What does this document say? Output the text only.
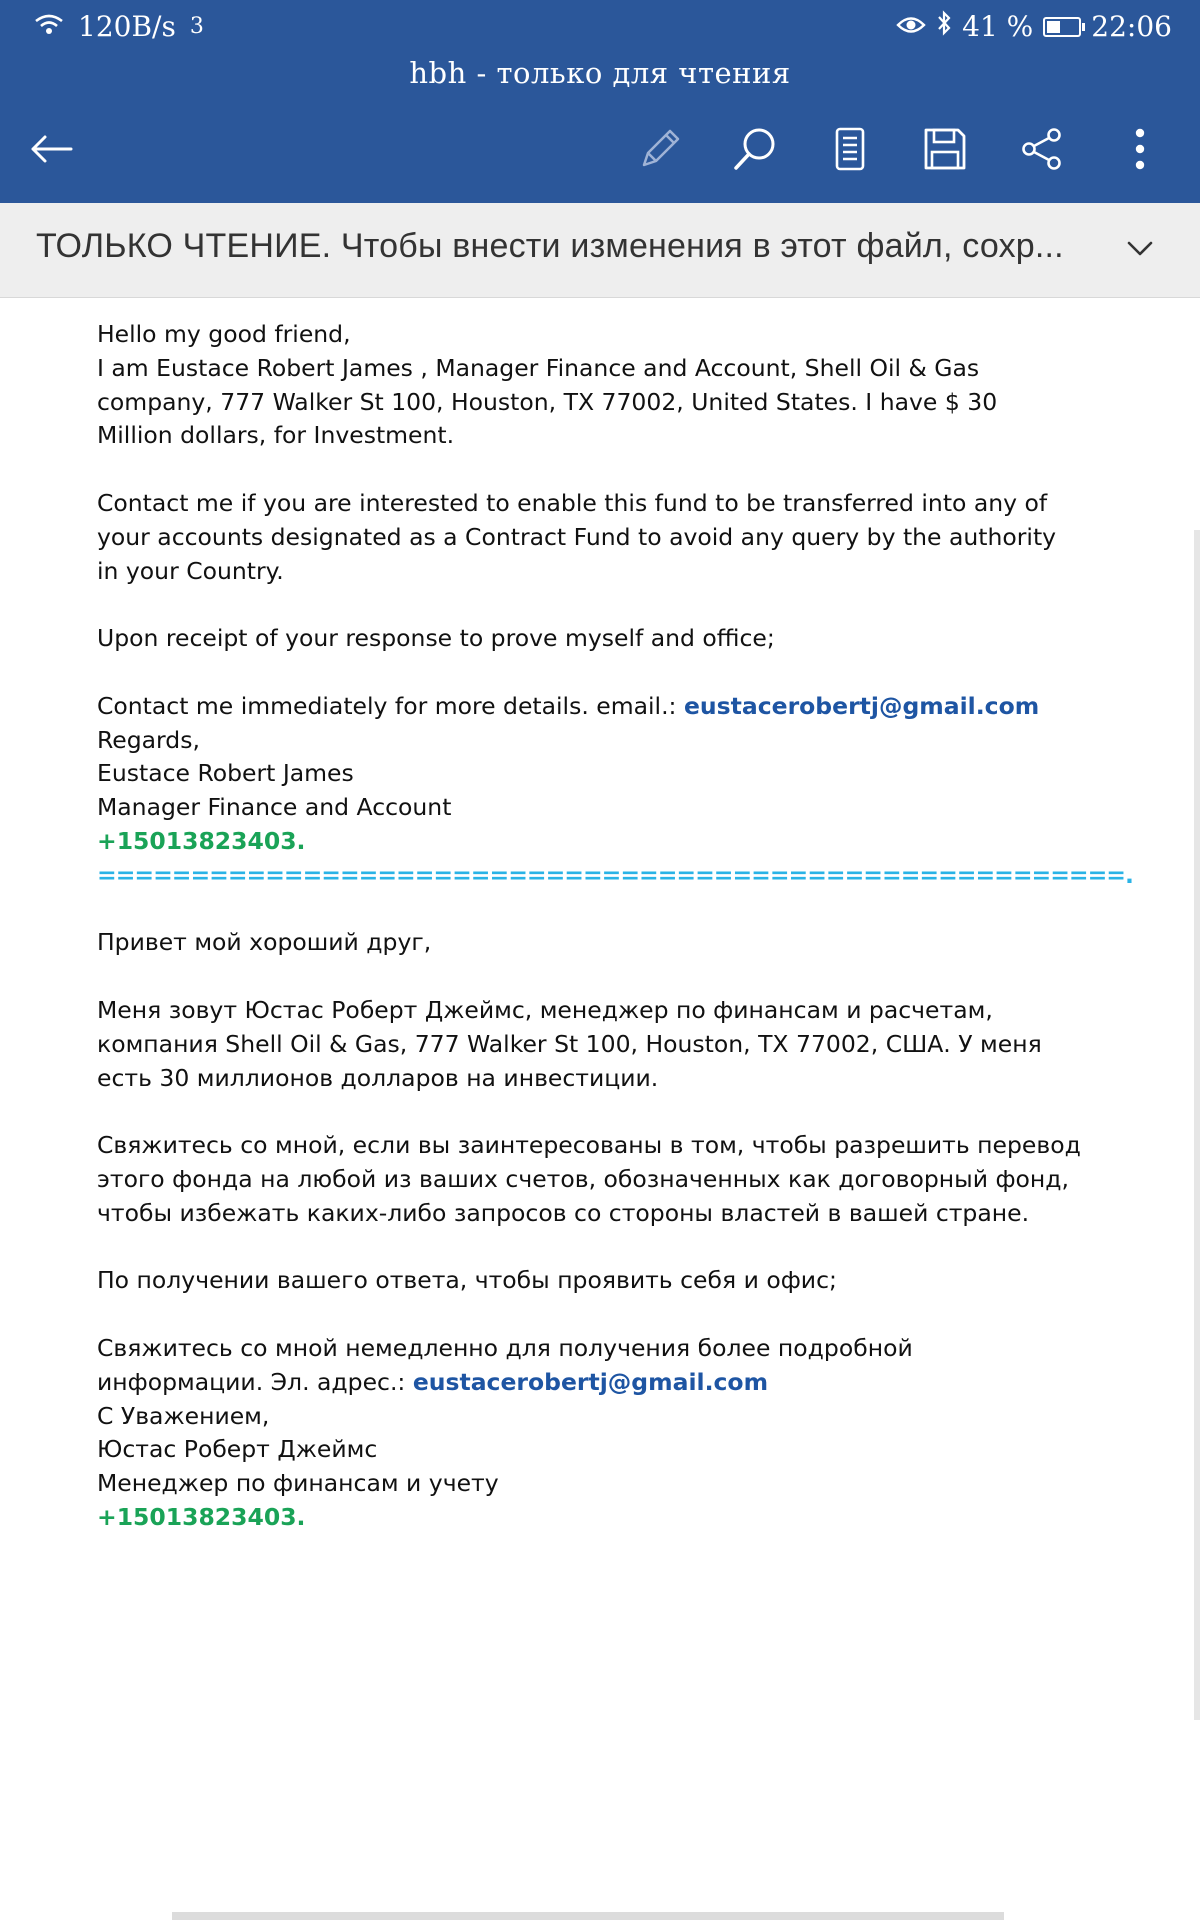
120B/s 3	41 % 22:06
hbh - только для чтения
ТОЛЬКО ЧТЕНИЕ. Чтобы внести изменения в этот файл, сохр...
Hello my good friend,
I am Eustace Robert James , Manager Finance and Account, Shell Oil & Gas
company, 777 Walker St 100, Houston, TX 77002, United States. I have $ 30
Million dollars, for Investment.
Contact me if you are interested to enable this fund to be transferred into any of
your accounts designated as a Contract Fund to avoid any query by the authority
in your Country.
Upon receipt of your response to prove myself and office;
Contact me immediately for more details. email.: eustacerobertj@gmail.com
Regards,
Eustace Robert James
Manager Finance and Account
+15013823403.
=======================================================.
Привет мой хороший друг,
Меня зовут Юстас Роберт Джеймс, менеджер по финансам и расчетам,
компания Shell Oil & Gas, 777 Walker St 100, Houston, TX 77002, США. У меня
есть 30 миллионов долларов на инвестиции.
Свяжитесь со мной, если вы заинтересованы в том, чтобы разрешить перевод
этого фонда на любой из ваших счетов, обозначенных как договорный фонд,
чтобы избежать каких-либо запросов со стороны властей в вашей стране.
По получении вашего ответа, чтобы проявить себя и офис;
Свяжитесь со мной немедленно для получения более подробной
информации. Эл. адрес.: eustacerobertj@gmail.com
С Уважением,
Юстас Роберт Джеймс
Менеджер по финансам и учету
+15013823403.
